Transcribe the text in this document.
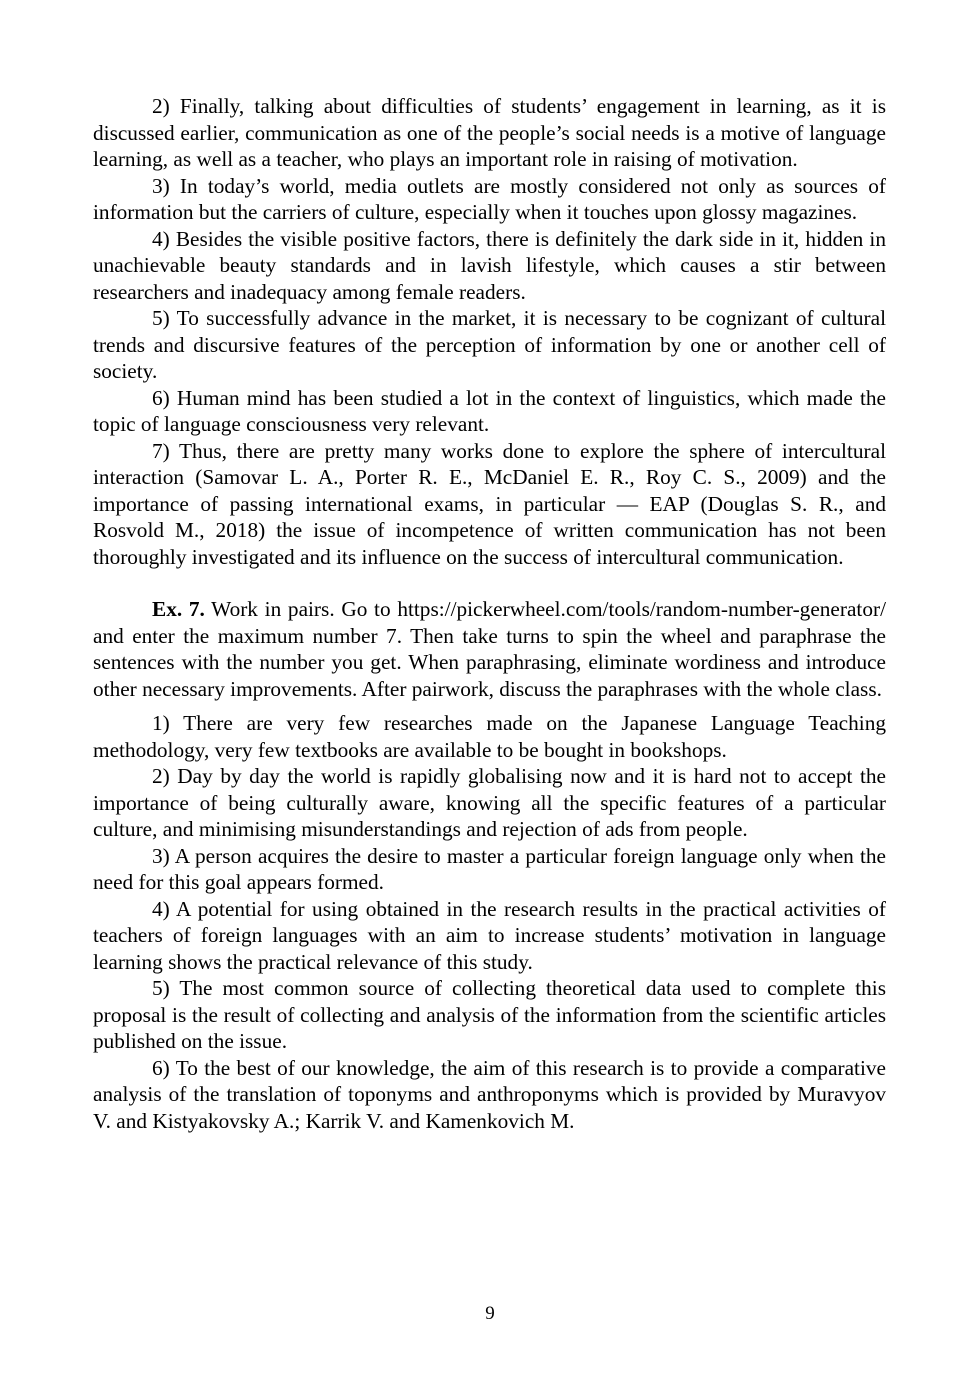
2) Finally, talking about difficulties of students’ engagement in learning, as it is discussed earlier, communication as one of the people’s social needs is a motive of language learning, as well as a teacher, who plays an important role in raising of motivation.

3) In today’s world, media outlets are mostly considered not only as sources of information but the carriers of culture, especially when it touches upon glossy magazines.

4) Besides the visible positive factors, there is definitely the dark side in it, hidden in unachievable beauty standards and in lavish lifestyle, which causes a stir between researchers and inadequacy among female readers.

5) To successfully advance in the market, it is necessary to be cognizant of cultural trends and discursive features of the perception of information by one or another cell of society.

6) Human mind has been studied a lot in the context of linguistics, which made the topic of language consciousness very relevant.

7) Thus, there are pretty many works done to explore the sphere of intercultural interaction (Samovar L. A., Porter R. E., McDaniel E. R., Roy C. S., 2009) and the importance of passing international exams, in particular — EAP (Douglas S. R., and Rosvold M., 2018) the issue of incompetence of written communication has not been thoroughly investigated and its influence on the success of intercultural communication.

Ex. 7. Work in pairs. Go to https://pickerwheel.com/tools/random-number-generator/ and enter the maximum number 7. Then take turns to spin the wheel and paraphrase the sentences with the number you get. When paraphrasing, eliminate wordiness and introduce other necessary improvements. After pairwork, discuss the paraphrases with the whole class.

1) There are very few researches made on the Japanese Language Teaching methodology, very few textbooks are available to be bought in bookshops.

2) Day by day the world is rapidly globalising now and it is hard not to accept the importance of being culturally aware, knowing all the specific features of a particular culture, and minimising misunderstandings and rejection of ads from people.

3) A person acquires the desire to master a particular foreign language only when the need for this goal appears formed.

4) A potential for using obtained in the research results in the practical activities of teachers of foreign languages with an aim to increase students’ motivation in language learning shows the practical relevance of this study.

5) The most common source of collecting theoretical data used to complete this proposal is the result of collecting and analysis of the information from the scientific articles published on the issue.

6) To the best of our knowledge, the aim of this research is to provide a comparative analysis of the translation of toponyms and anthroponyms which is provided by Muravyov V. and Kistyakovsky A.; Karrik V. and Kamenkovich M.

9
